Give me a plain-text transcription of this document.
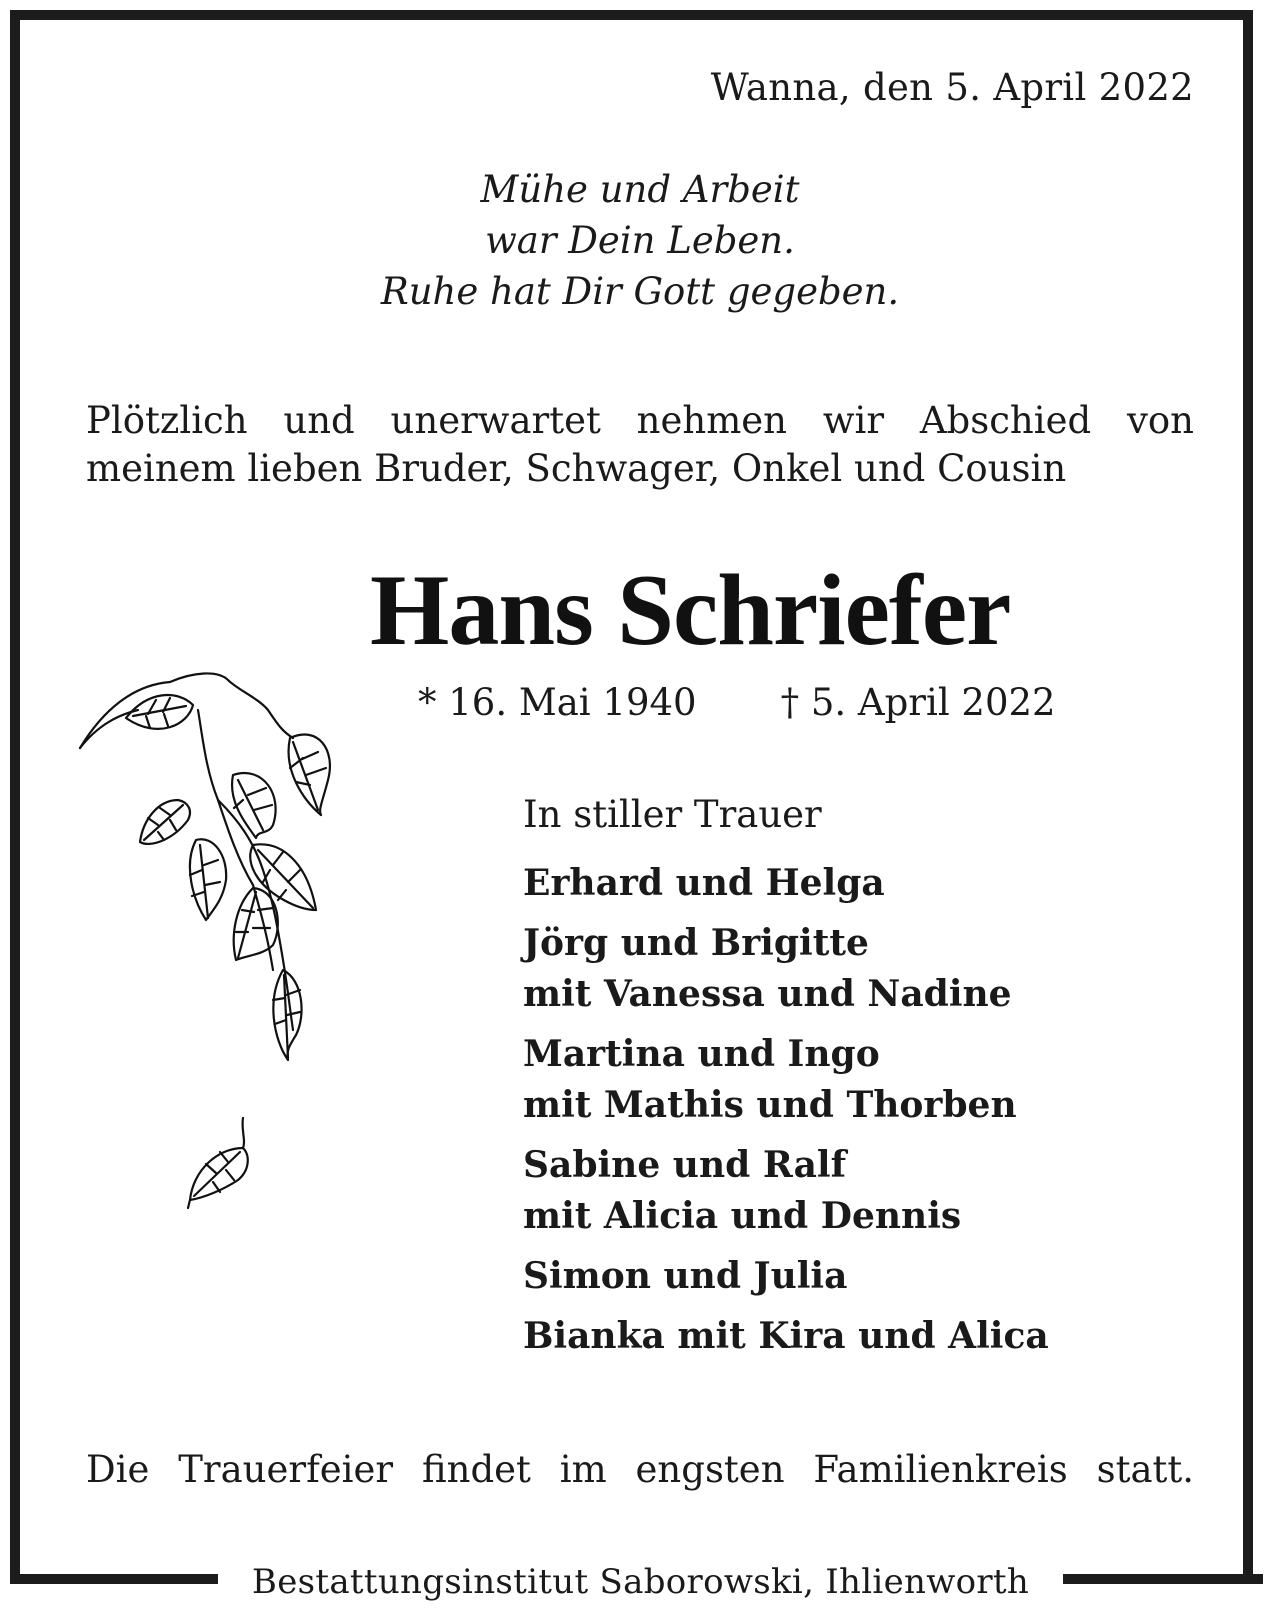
Wanna, den 5. April 2022
Mühe und Arbeit
war Dein Leben.
Ruhe hat Dir Gott gegeben.
Plötzlich und unerwartet nehmen wir Abschied von
meinem lieben Bruder, Schwager, Onkel und Cousin
Hans Schriefer
* 16. Mai 1940 † 5. April 2022
In stiller Trauer
Erhard und Helga
Jörg und Brigitte
mit Vanessa und Nadine
Martina und Ingo
mit Mathis und Thorben
Sabine und Ralf
mit Alicia und Dennis
Simon und Julia
Bianka mit Kira und Alica
Die Trauerfeier findet im engsten Familienkreis statt.
Bestattungsinstitut Saborowski, Ihlienworth
